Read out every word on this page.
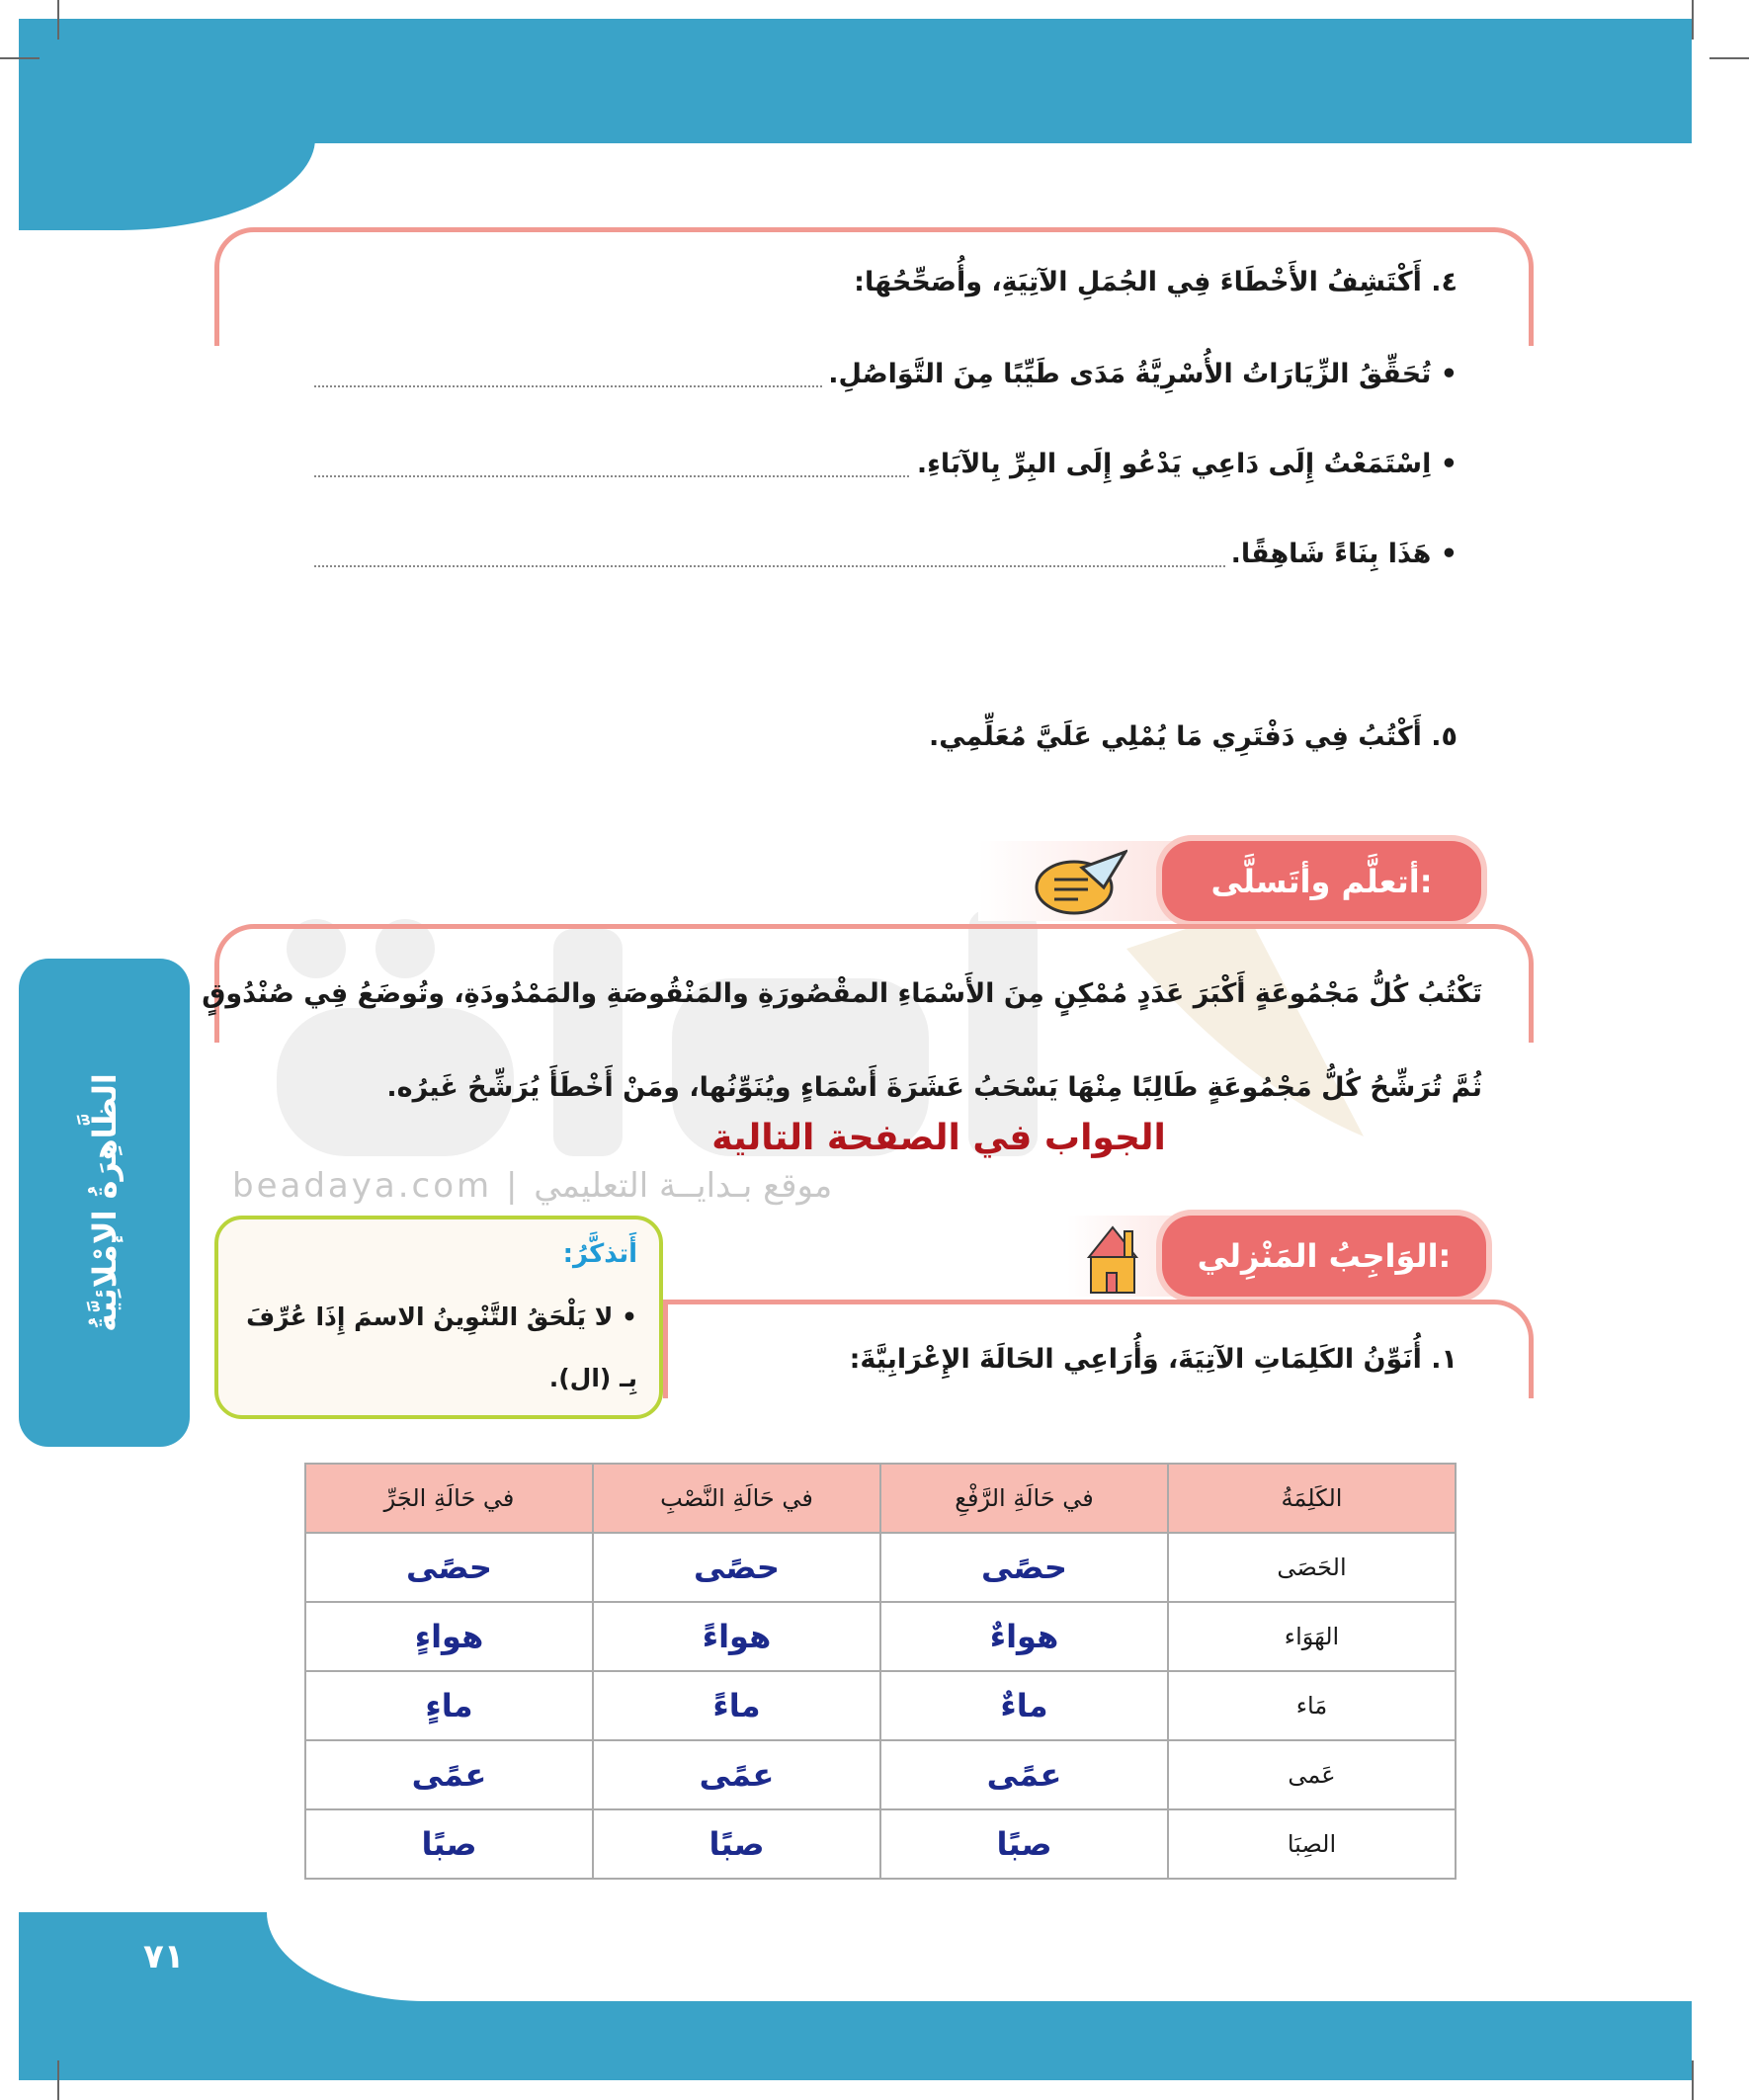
٤. أَكْتَشِفُ الأَخْطَاءَ فِي الجُمَلِ الآتِيَةِ، وأُصَحِّحُهَا:
• تُحَقِّقُ الزِّيَارَاتُ الأُسْرِيَّةُ مَدَى طَيِّبًا مِنَ التَّوَاصُلِ.
• اِسْتَمَعْتُ إِلَى دَاعِي يَدْعُو إِلَى البِرِّ بِالآبَاءِ.
• هَذَا بِنَاءً شَاهِقًا.
٥. أَكْتُبُ فِي دَفْتَرِي مَا يُمْلِي عَلَيَّ مُعَلِّمِي.
أتعلَّم وأتَسلَّى:
تَكْتُبُ كُلُّ مَجْمُوعَةٍ أَكْبَرَ عَدَدٍ مُمْكِنٍ مِنَ الأَسْمَاءِ المقْصُورَةِ والمَنْقُوصَةِ والمَمْدُودَةِ، وتُوضَعُ فِي صُنْدُوقٍ
ثُمَّ تُرَشِّحُ كُلُّ مَجْمُوعَةٍ طَالِبًا مِنْهَا يَسْحَبُ عَشَرَةَ أَسْمَاءٍ ويُنَوِّنُها، ومَنْ أَخْطَأَ يُرَشِّحُ غَيرُه.
الجواب في الصفحة التالية
beadaya.com | موقع بـدايــة التعليمي
الظَّاهِرَةُ الإمْلائِيَّةُ	الوَاجِبُ المَنْزِلي:
١. أُنَوِّنُ الكَلِمَاتِ الآتِيَةَ، وَأُرَاعِي الحَالَةَ الإِعْرَابِيَّةَ:
أَتذكَّرُ:
• لا يَلْحَقُ التَّنْوِينُ الاسمَ إِذَا عُرِّفَ بِـ (ال).
الكَلِمَةُ	في حَالَةِ الرَّفْعِ	في حَالَةِ النَّصْبِ	في حَالَةِ الجَرِّ
الحَصَى	حصًى	حصًى	حصًى
الهَوَاء	هواءٌ	هواءً	هواءٍ
مَاء	ماءٌ	ماءً	ماءٍ
عَمى	عمًى	عمًى	عمًى
الصِبَا	صبًا	صبًا	صبًا
٧١
